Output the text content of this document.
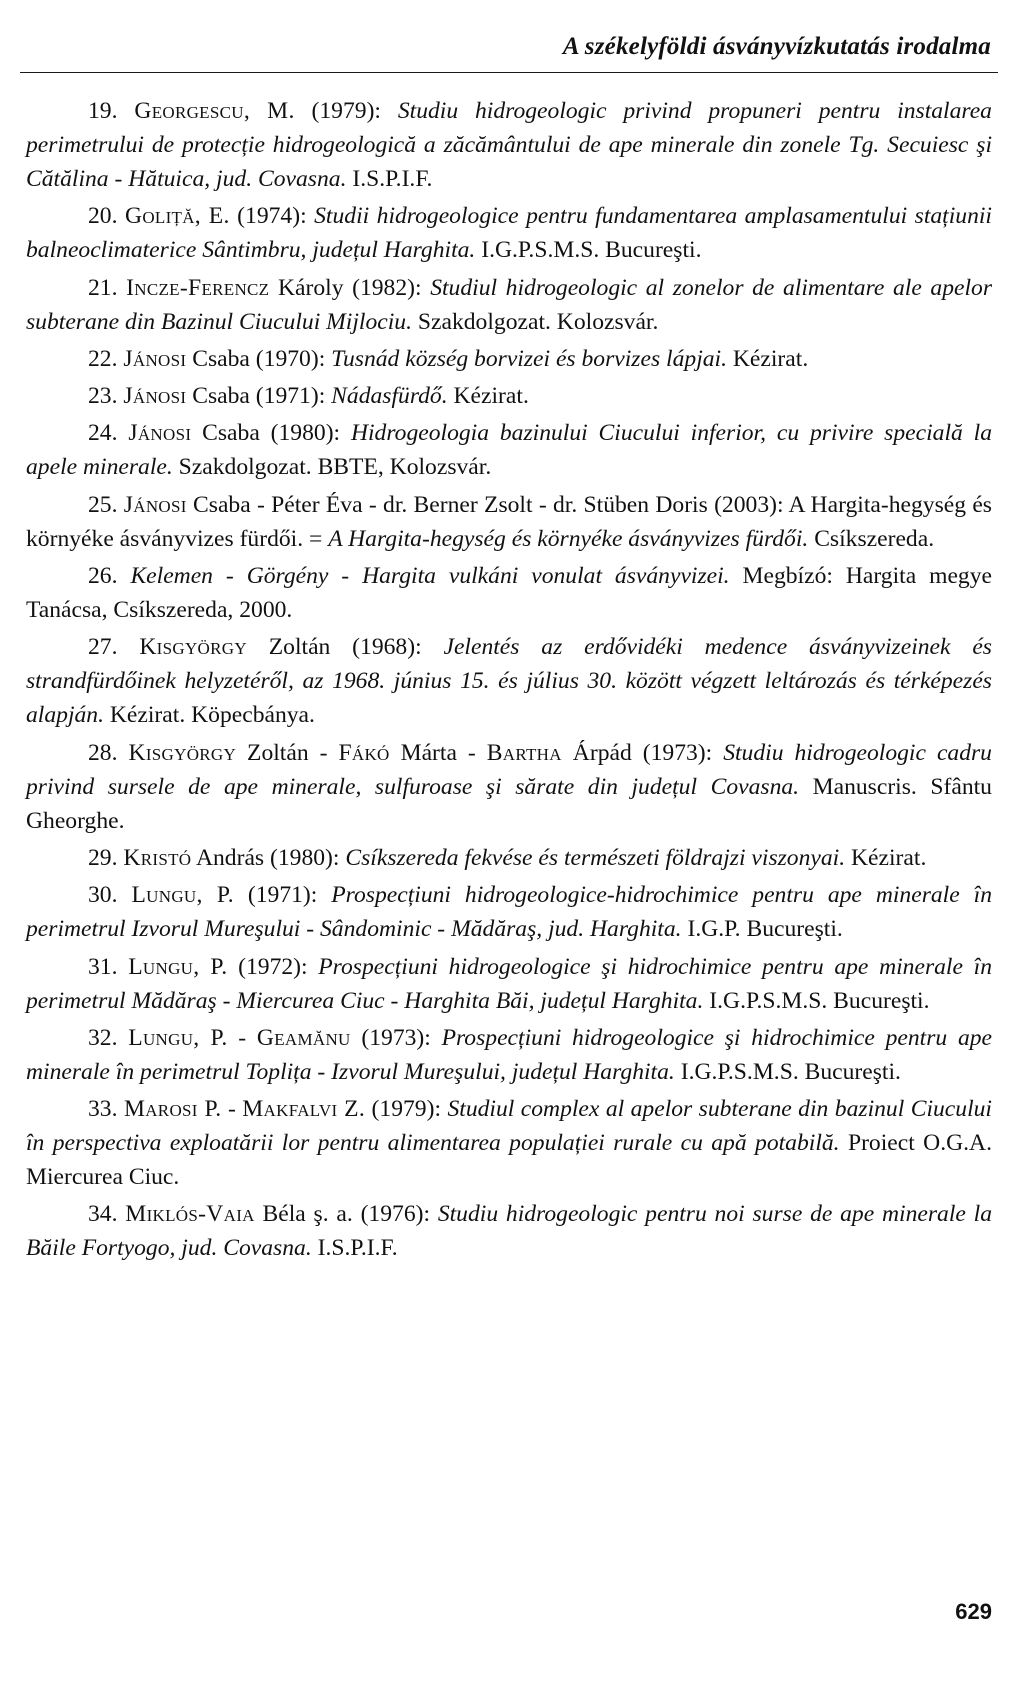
A székelyföldi ásványvízkutatás irodalma

19. Georgescu, M. (1979): Studiu hidrogeologic privind propuneri pentru instalarea perimetrului de protecție hidrogeologică a zăcământului de ape minerale din zonele Tg. Secuiesc şi Cătălina - Hătuica, jud. Covasna. I.S.P.I.F.

20. Goliță, E. (1974): Studii hidrogeologice pentru fundamentarea amplasamentului stațiunii balneoclimaterice Sântimbru, județul Harghita. I.G.P.S.M.S. Bucureşti.

21. Incze-Ferencz Károly (1982): Studiul hidrogeologic al zonelor de alimentare ale apelor subterane din Bazinul Ciucului Mijlociu. Szakdolgozat. Kolozsvár.

22. Jánosi Csaba (1970): Tusnád község borvizei és borvizes lápjai. Kézirat.

23. Jánosi Csaba (1971): Nádasfürdő. Kézirat.

24. Jánosi Csaba (1980): Hidrogeologia bazinului Ciucului inferior, cu privire specială la apele minerale. Szakdolgozat. BBTE, Kolozsvár.

25. Jánosi Csaba - Péter Éva - dr. Berner Zsolt - dr. Stüben Doris (2003): A Hargita-hegység és környéke ásványvizes fürdői. = A Hargita-hegység és környéke ásványvizes fürdői. Csíkszereda.

26. Kelemen - Görgény - Hargita vulkáni vonulat ásványvizei. Megbízó: Hargita megye Tanácsa, Csíkszereda, 2000.

27. Kisgyörgy Zoltán (1968): Jelentés az erdővidéki medence ásványvizeinek és strandfürdőinek helyzetéről, az 1968. június 15. és július 30. között végzett leltározás és térképezés alapján. Kézirat. Köpecbánya.

28. Kisgyörgy Zoltán - Fákó Márta - Bartha Árpád (1973): Studiu hidrogeologic cadru privind sursele de ape minerale, sulfuroase şi sărate din județul Covasna. Manuscris. Sfântu Gheorghe.

29. Kristó András (1980): Csíkszereda fekvése és természeti földrajzi viszonyai. Kézirat.

30. Lungu, P. (1971): Prospecțiuni hidrogeologice-hidrochimice pentru ape minerale în perimetrul Izvorul Mureşului - Sândominic - Mădăraş, jud. Harghita. I.G.P. Bucureşti.

31. Lungu, P. (1972): Prospecțiuni hidrogeologice şi hidrochimice pentru ape minerale în perimetrul Mădăraş - Miercurea Ciuc - Harghita Băi, județul Harghita. I.G.P.S.M.S. Bucureşti.

32. Lungu, P. - Geamănu (1973): Prospecțiuni hidrogeologice şi hidrochimice pentru ape minerale în perimetrul Toplița - Izvorul Mureşului, județul Harghita. I.G.P.S.M.S. Bucureşti.

33. Marosi P. - Makfalvi Z. (1979): Studiul complex al apelor subterane din bazinul Ciucului în perspectiva exploatării lor pentru alimentarea populației rurale cu apă potabilă. Proiect O.G.A. Miercurea Ciuc.

34. Miklós-Vaia Béla ş. a. (1976): Studiu hidrogeologic pentru noi surse de ape minerale la Băile Fortyogo, jud. Covasna. I.S.P.I.F.

629
